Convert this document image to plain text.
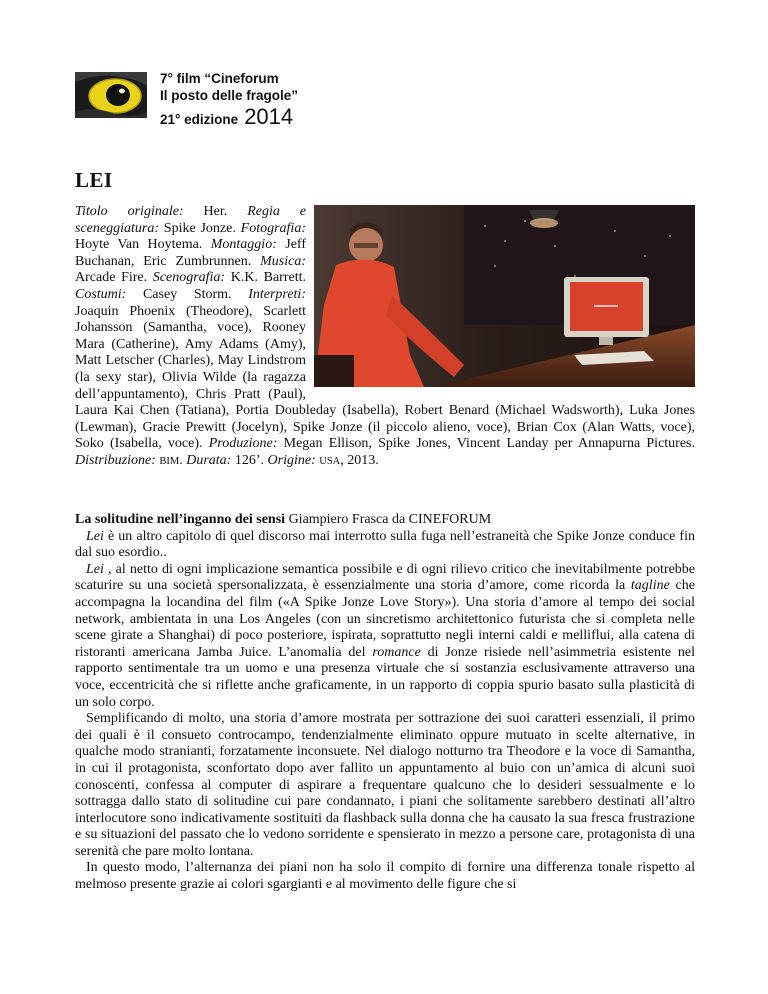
7° film “Cineforum
Il posto delle fragole”
21° edizione 2014
LEI

Titolo originale: Her. Regia e sceneggiatura: Spike Jonze. Fotografia: Hoyte Van Hoytema. Montaggio: Jeff Buchanan, Eric Zumbrunnen. Musica: Arcade Fire. Scenografia: K.K. Barrett. Costumi: Casey Storm. Interpreti: Joaquin Phoenix (Theodore), Scarlett Johansson (Samantha, voce), Rooney Mara (Catherine), Amy Adams (Amy), Matt Letscher (Charles), May Lindstrom (la sexy star), Olivia Wilde (la ragazza dell’appuntamento), Chris Pratt (Paul), Laura Kai Chen (Tatiana), Portia Doubleday (Isabella), Robert Benard (Michael Wadsworth), Luka Jones (Lewman), Gracie Prewitt (Jocelyn), Spike Jonze (il piccolo alieno, voce), Brian Cox (Alan Watts, voce), Soko (Isabella, voce). Produzione: Megan Ellison, Spike Jones, Vincent Landay per Annapurna Pictures. Distribuzione: BIM. Durata: 126’. Origine: USA, 2013.

La solitudine nell’inganno dei sensi Giampiero Frasca da CINEFORUM

Lei è un altro capitolo di quel discorso mai interrotto sulla fuga nell’estraneità che Spike Jonze conduce fin dal suo esordio..

Lei , al netto di ogni implicazione semantica possibile e di ogni rilievo critico che inevitabilmente potrebbe scaturire su una società spersonalizzata, è essenzialmente una storia d’amore, come ricorda la tagline che accompagna la locandina del film («A Spike Jonze Love Story»). Una storia d’amore al tempo dei social network, ambientata in una Los Angeles (con un sincretismo architettonico futurista che si completa nelle scene girate a Shanghai) di poco posteriore, ispirata, soprattutto negli interni caldi e melliflui, alla catena di ristoranti americana Jamba Juice. L’anomalia del romance di Jonze risiede nell’asimmetria esistente nel rapporto sentimentale tra un uomo e una presenza virtuale che si sostanzia esclusivamente attraverso una voce, eccentricità che si riflette anche graficamente, in un rapporto di coppia spurio basato sulla plasticità di un solo corpo.

Semplificando di molto, una storia d’amore mostrata per sottrazione dei suoi caratteri essenziali, il primo dei quali è il consueto controcampo, tendenzialmente eliminato oppure mutuato in scelte alternative, in qualche modo stranianti, forzatamente inconsuete. Nel dialogo notturno tra Theodore e la voce di Samantha, in cui il protagonista, sconfortato dopo aver fallito un appuntamento al buio con un’amica di alcuni suoi conoscenti, confessa al computer di aspirare a frequentare qualcuno che lo desideri sessualmente e lo sottragga dallo stato di solitudine cui pare condannato, i piani che solitamente sarebbero destinati all’altro interlocutore sono indicativamente sostituiti da flashback sulla donna che ha causato la sua fresca frustrazione e su situazioni del passato che lo vedono sorridente e spensierato in mezzo a persone care, protagonista di una serenità che pare molto lontana.

In questo modo, l’alternanza dei piani non ha solo il compito di fornire una differenza tonale rispetto al melmoso presente grazie ai colori sgargianti e al movimento delle figure che si
